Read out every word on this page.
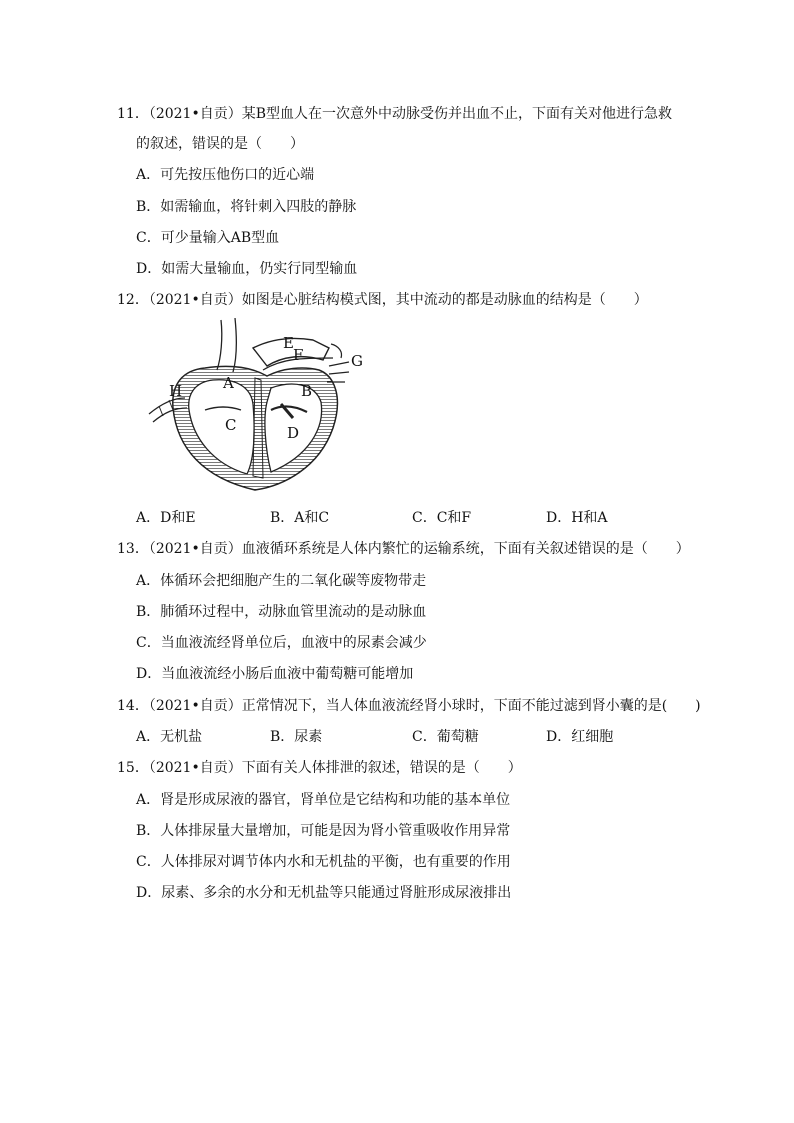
11．（2021•自贡）某B型血人在一次意外中动脉受伤并出血不止，下面有关对他进行急救
的叙述，错误的是（　　）
A．可先按压他伤口的近心端
B．如需输血，将针刺入四肢的静脉
C．可少量输入AB型血
D．如需大量输血，仍实行同型输血
12．（2021•自贡）如图是心脏结构模式图，其中流动的都是动脉血的结构是（　　）
A	B
C	D
E
F	G
H
A．D和E	B．A和C	C．C和F	D．H和A
13．（2021•自贡）血液循环系统是人体内繁忙的运输系统，下面有关叙述错误的是（　　）
A．体循环会把细胞产生的二氧化碳等废物带走
B．肺循环过程中，动脉血管里流动的是动脉血
C．当血液流经肾单位后，血液中的尿素会减少
D．当血液流经小肠后血液中葡萄糖可能增加
14．（2021•自贡）正常情况下，当人体血液流经肾小球时，下面不能过滤到肾小囊的是(　　)
A．无机盐	B．尿素	C．葡萄糖	D．红细胞
15．（2021•自贡）下面有关人体排泄的叙述，错误的是（　　）
A．肾是形成尿液的器官，肾单位是它结构和功能的基本单位
B．人体排尿量大量增加，可能是因为肾小管重吸收作用异常
C．人体排尿对调节体内水和无机盐的平衡，也有重要的作用
D．尿素、多余的水分和无机盐等只能通过肾脏形成尿液排出
